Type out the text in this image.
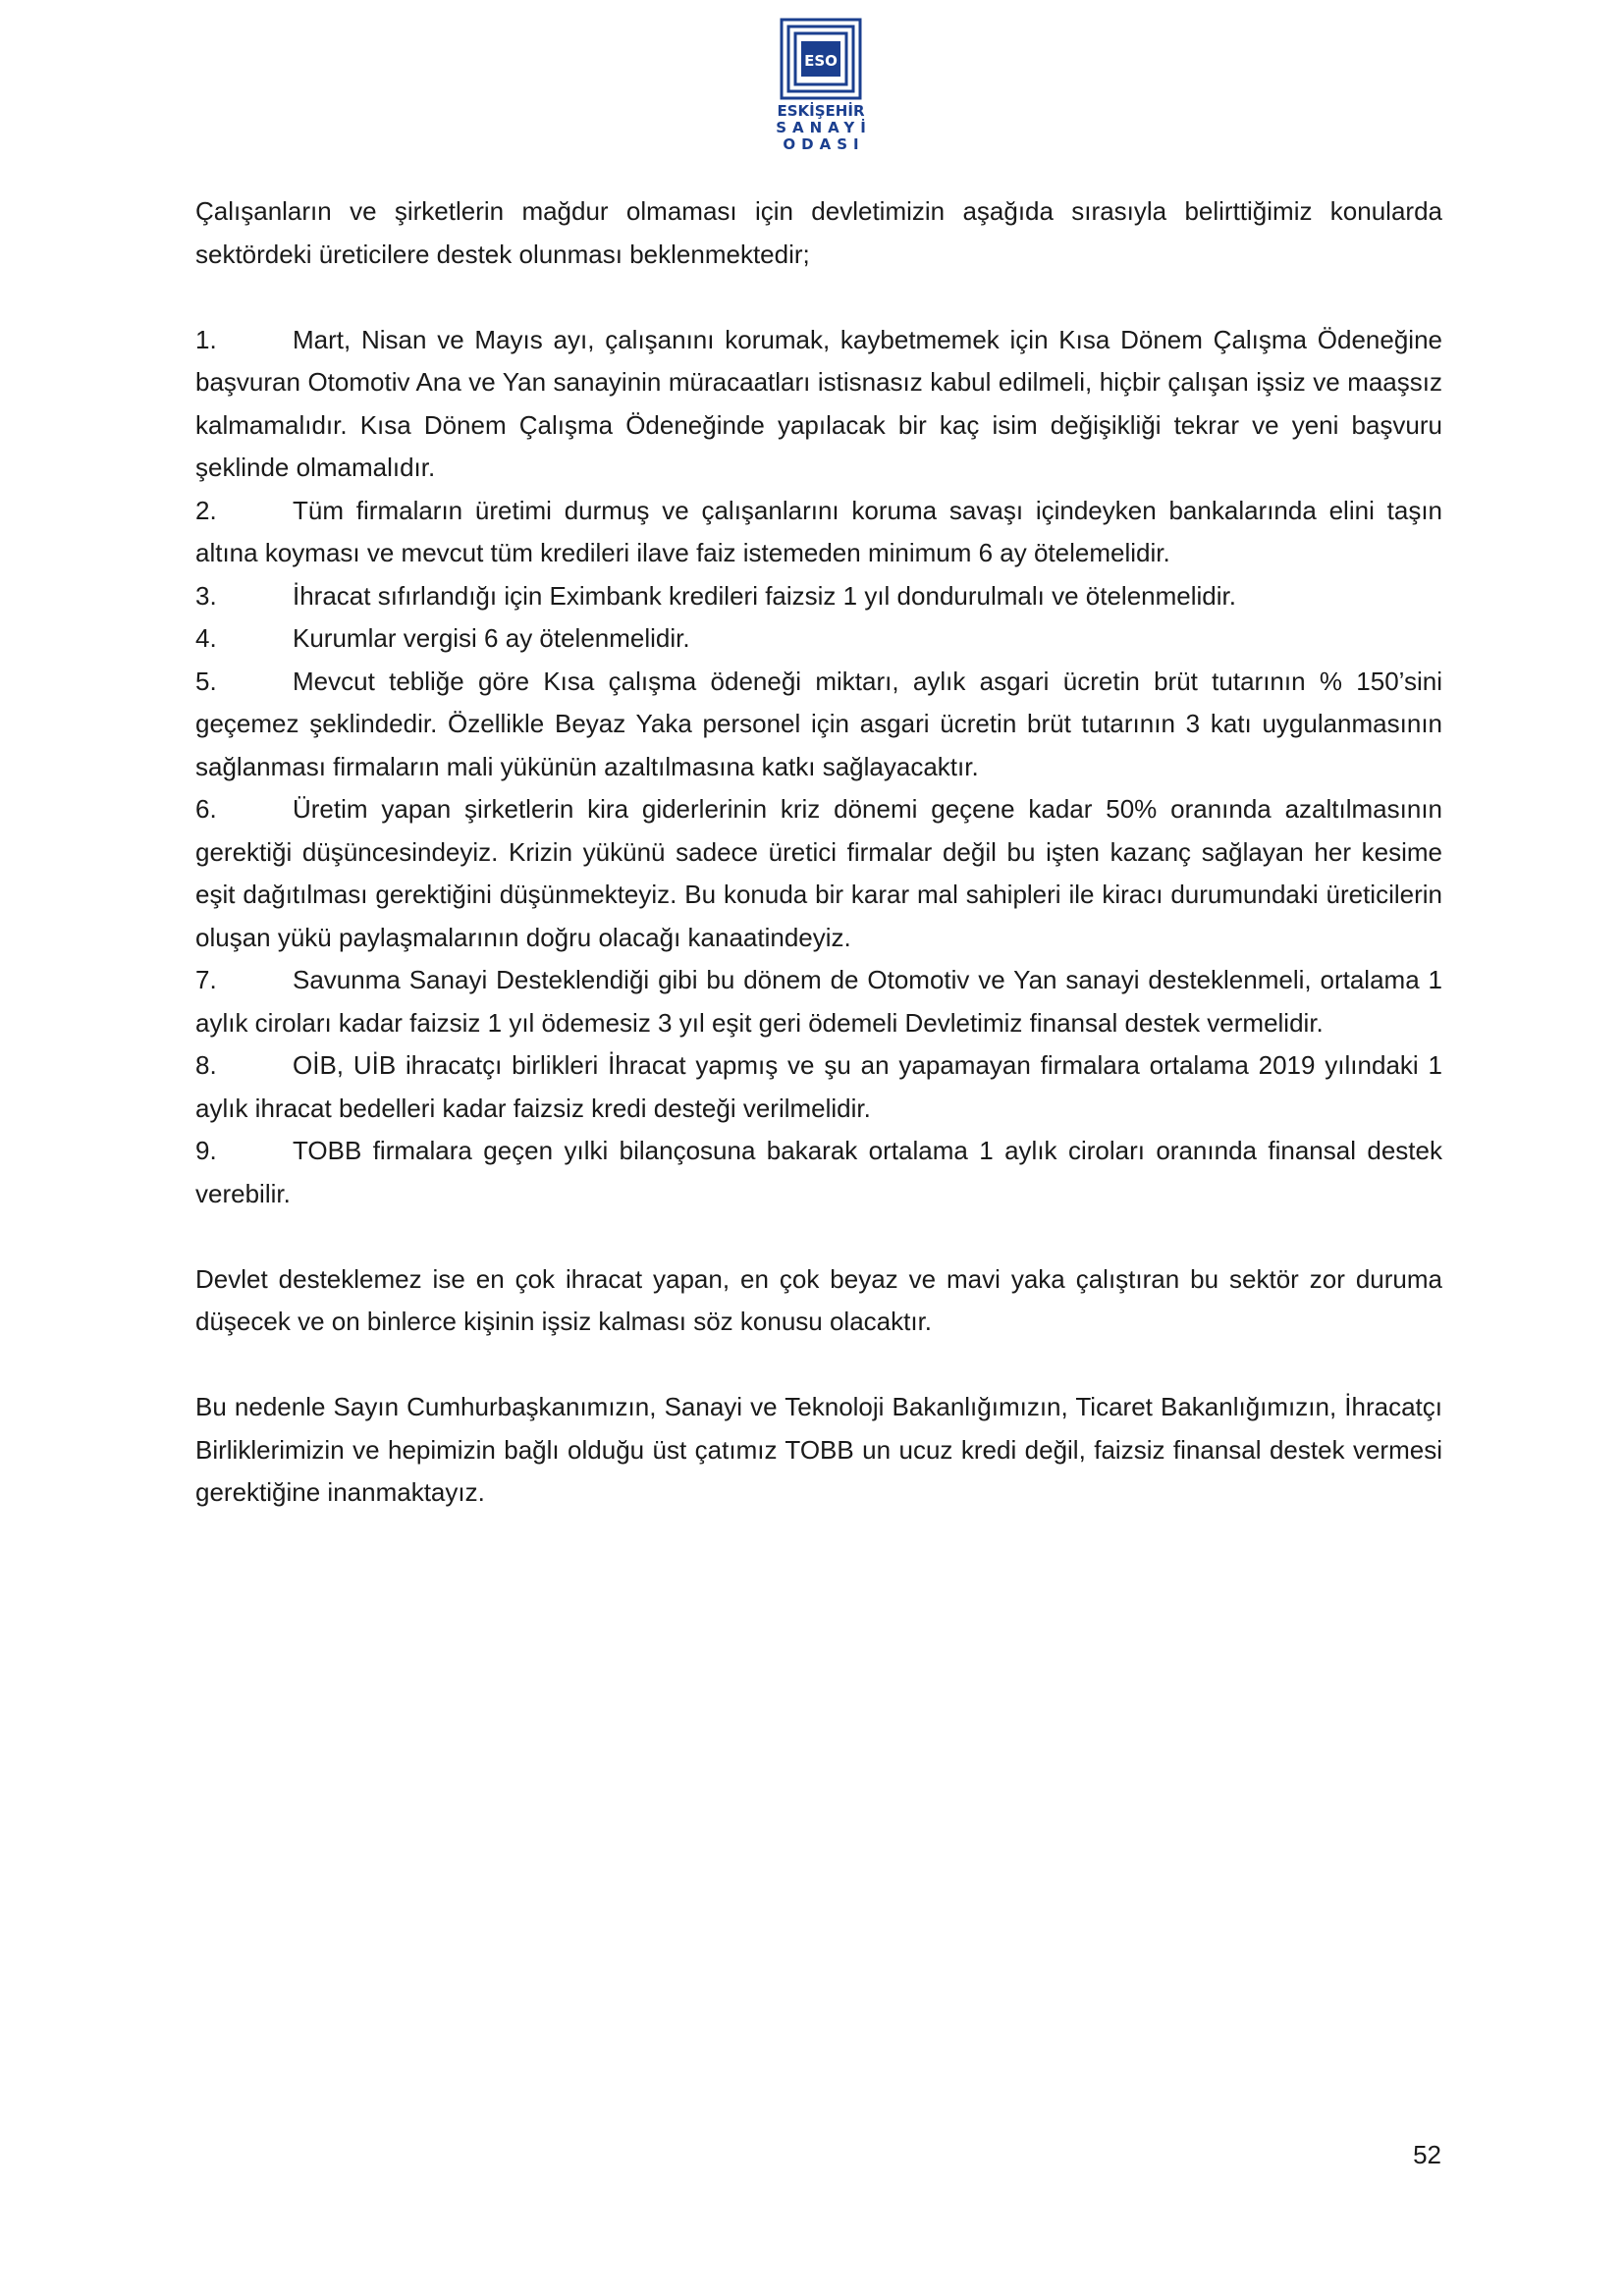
ESO
ESKİŞEHİR
SANAYİ
ODASI

Çalışanların ve şirketlerin mağdur olmaması için devletimizin aşağıda sırasıyla belirttiğimiz konularda sektördeki üreticilere destek olunması beklenmektedir;

1.	Mart, Nisan ve Mayıs ayı, çalışanını korumak, kaybetmemek için Kısa Dönem Çalışma Ödeneğine başvuran Otomotiv Ana ve Yan sanayinin müracaatları istisnasız kabul edilmeli, hiçbir çalışan işsiz ve maaşsız kalmamalıdır. Kısa Dönem Çalışma Ödeneğinde yapılacak bir kaç isim değişikliği tekrar ve yeni başvuru şeklinde olmamalıdır.

2.	Tüm firmaların üretimi durmuş ve çalışanlarını koruma savaşı içindeyken bankalarında elini taşın altına koyması ve mevcut tüm kredileri ilave faiz istemeden minimum 6 ay ötelemelidir.

3.	İhracat sıfırlandığı için Eximbank kredileri faizsiz 1 yıl dondurulmalı ve ötelenmelidir.

4.	Kurumlar vergisi 6 ay ötelenmelidir.

5.	Mevcut tebliğe göre Kısa çalışma ödeneği miktarı, aylık asgari ücretin brüt tutarının % 150’sini geçemez şeklindedir. Özellikle Beyaz Yaka personel için asgari ücretin brüt tutarının 3 katı uygulanmasının sağlanması firmaların mali yükünün azaltılmasına katkı sağlayacaktır.

6.	Üretim yapan şirketlerin kira giderlerinin kriz dönemi geçene kadar 50% oranında azaltılmasının gerektiği düşüncesindeyiz. Krizin yükünü sadece üretici firmalar değil bu işten kazanç sağlayan her kesime eşit dağıtılması gerektiğini düşünmekteyiz. Bu konuda bir karar mal sahipleri ile kiracı durumundaki üreticilerin oluşan yükü paylaşmalarının doğru olacağı kanaatindeyiz.

7.	Savunma Sanayi Desteklendiği gibi bu dönem de Otomotiv ve Yan sanayi desteklenmeli, ortalama 1 aylık ciroları kadar faizsiz 1 yıl ödemesiz 3 yıl eşit geri ödemeli Devletimiz finansal destek vermelidir.

8.	OİB, UİB ihracatçı birlikleri İhracat yapmış ve şu an yapamayan firmalara ortalama 2019 yılındaki 1 aylık ihracat bedelleri kadar faizsiz kredi desteği verilmelidir.

9.	TOBB firmalara geçen yılki bilançosuna bakarak ortalama 1 aylık ciroları oranında finansal destek verebilir.

Devlet desteklemez ise en çok ihracat yapan, en çok beyaz ve mavi yaka çalıştıran bu sektör zor duruma düşecek ve on binlerce kişinin işsiz kalması söz konusu olacaktır.

Bu nedenle Sayın Cumhurbaşkanımızın, Sanayi ve Teknoloji Bakanlığımızın, Ticaret Bakanlığımızın, İhracatçı Birliklerimizin ve hepimizin bağlı olduğu üst çatımız TOBB un ucuz kredi değil, faizsiz finansal destek vermesi gerektiğine inanmaktayız.

52
